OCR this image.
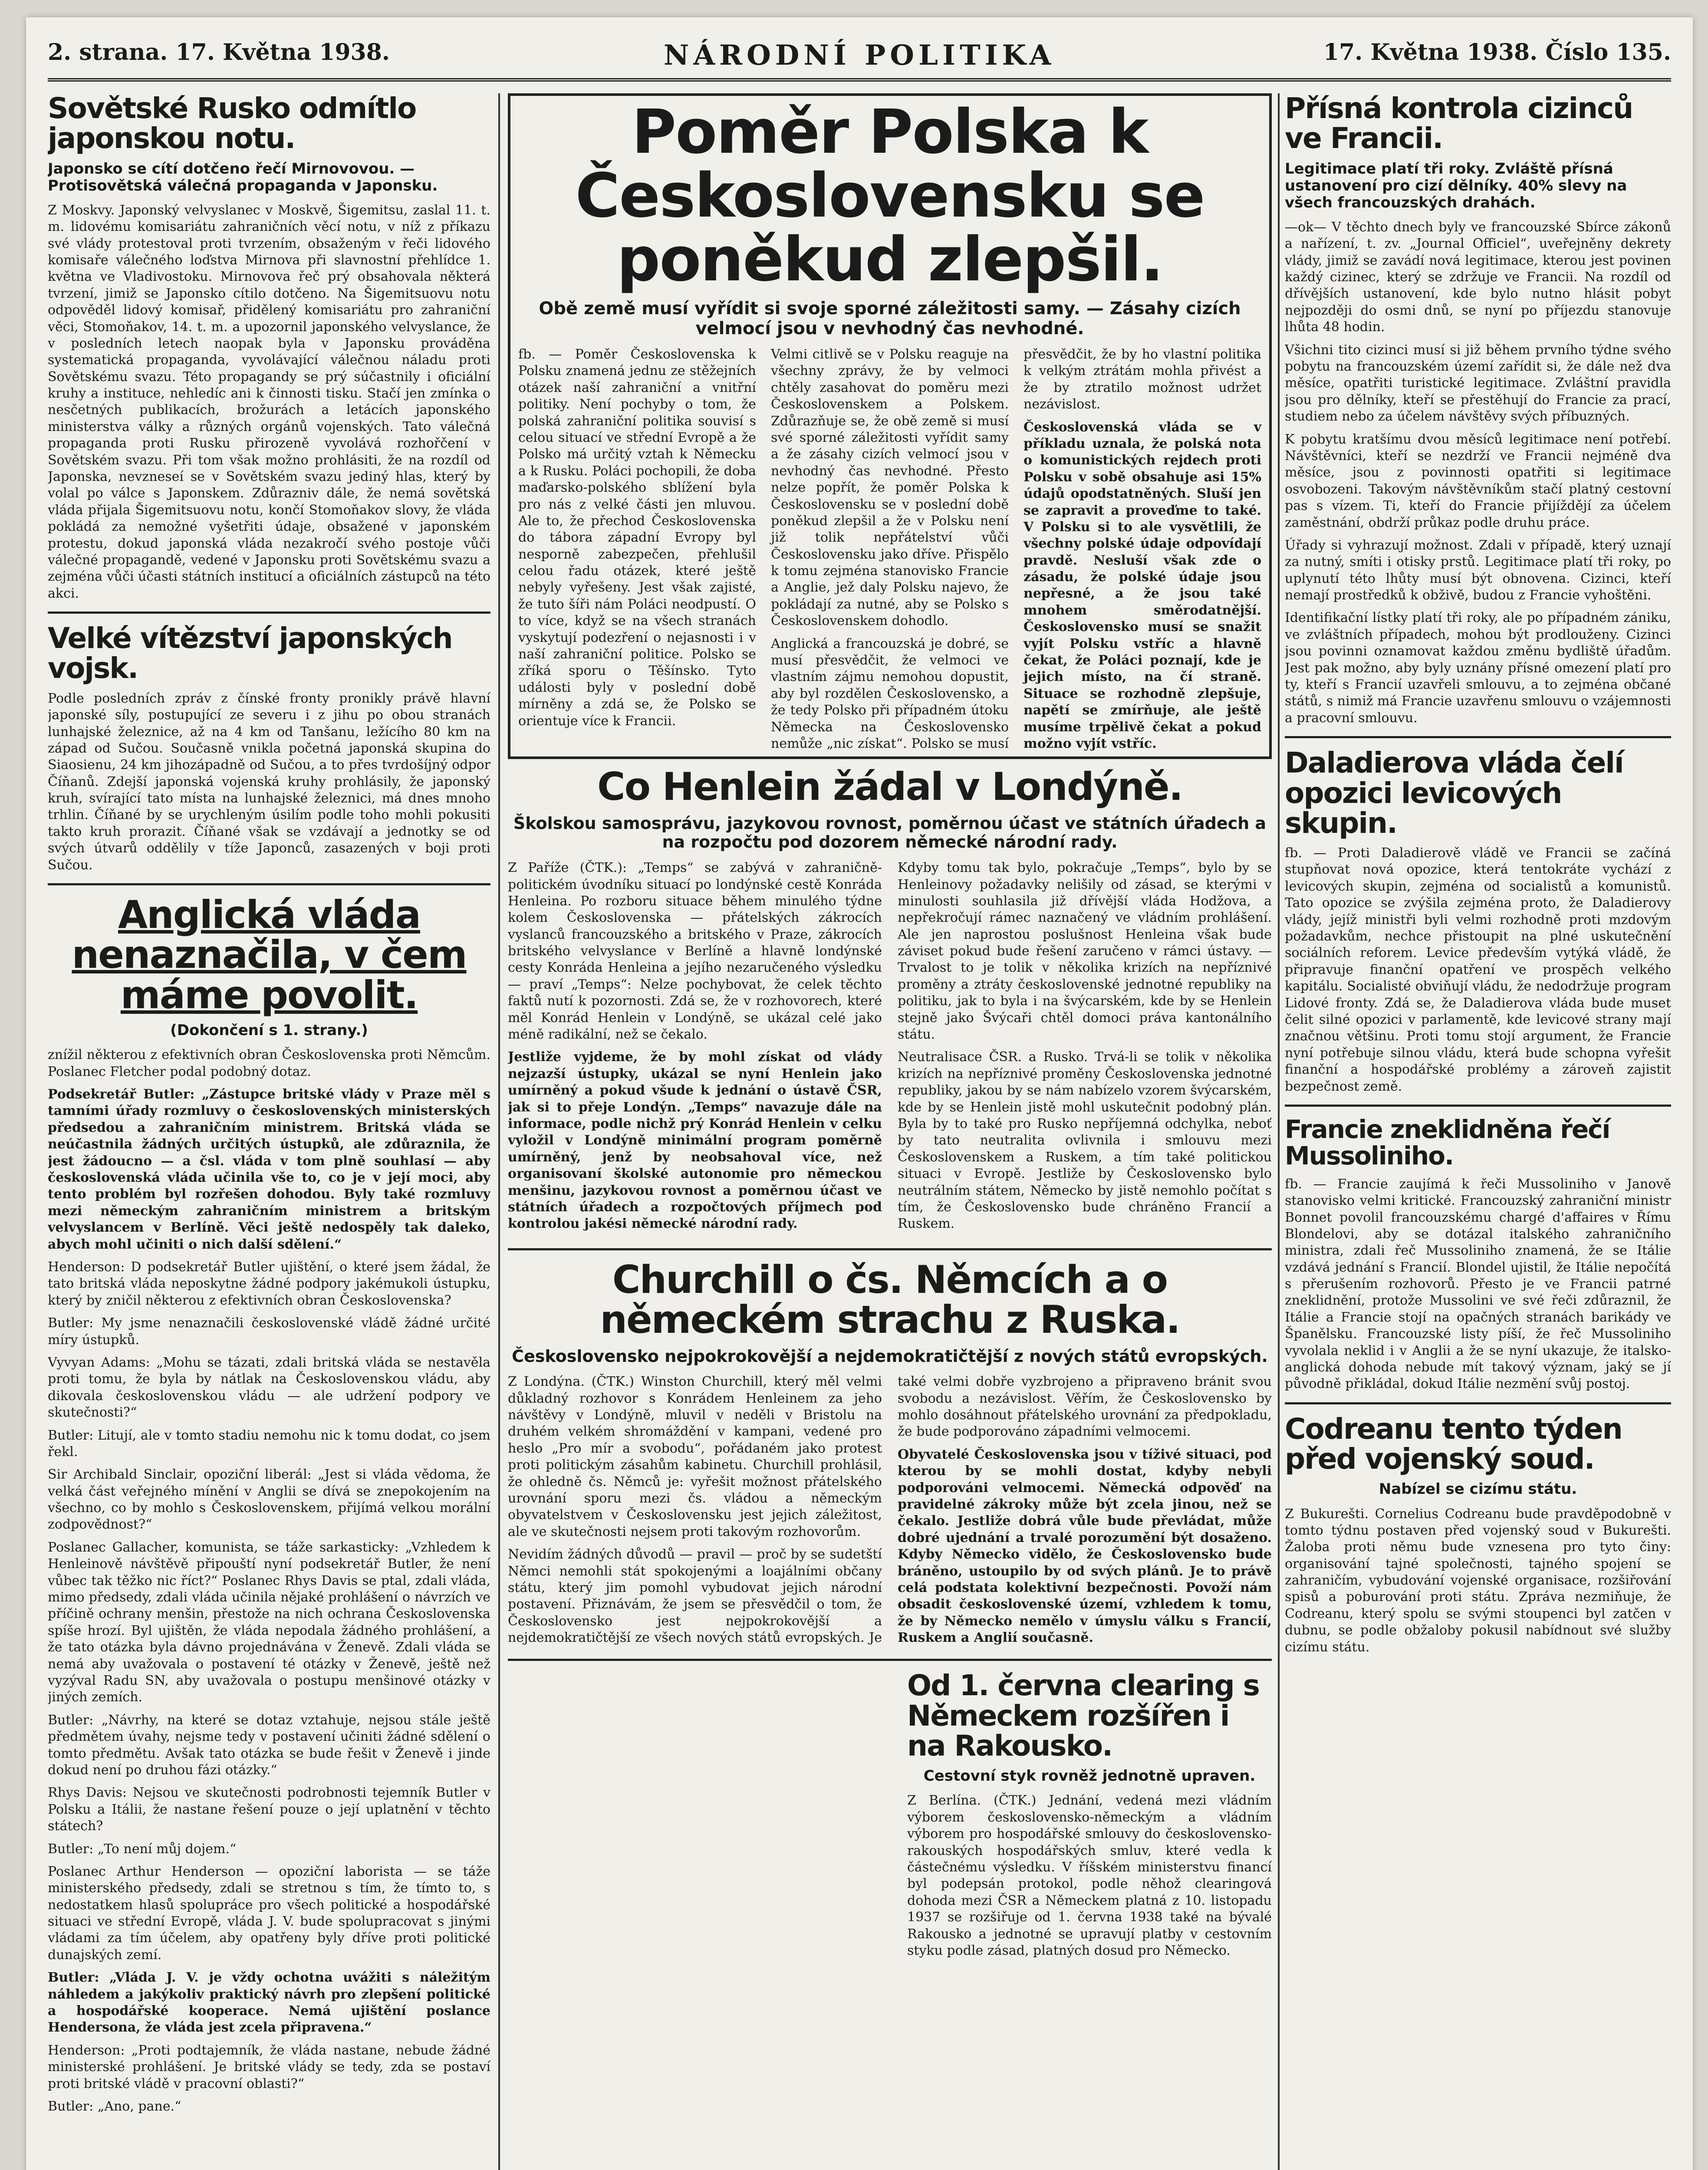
2. strana. 17. Května 1938.	NÁRODNÍ POLITIKA	17. Května 1938. Číslo 135.
Sovětské Rusko odmítlo japonskou notu.

Japonsko se cítí dotčeno řečí Mirnovovou. — Protisovětská válečná propaganda v Japonsku.

Z Moskvy. Japonský velvyslanec v Moskvě, Šigemitsu, zaslal 11. t. m. lidovému komisariátu zahraničních věcí notu, v níž z příkazu své vlády protestoval proti tvrzením, obsaženým v řeči lidového komisaře válečného loďstva Mirnova při slavnostní přehlídce 1. května ve Vladivostoku. Mirnovova řeč prý obsahovala některá tvrzení, jimiž se Japonsko cítilo dotčeno. Na Šigemitsuovu notu odpověděl lidový komisař, přidělený komisariátu pro zahraniční věci, Stomoňakov, 14. t. m. a upozornil japonského velvyslance, že v posledních letech naopak byla v Japonsku prováděna systematická propaganda, vyvolávající válečnou náladu proti Sovětskému svazu. Této propagandy se prý súčastnily i oficiální kruhy a instituce, nehledíc ani k činnosti tisku. Stačí jen zmínka o nesčetných publikacích, brožurách a letácích japonského ministerstva války a různých orgánů vojenských. Tato válečná propaganda proti Rusku přirozeně vyvolává rozhořčení v Sovětském svazu. Při tom však možno prohlásiti, že na rozdíl od Japonska, nevzneseí se v Sovětském svazu jediný hlas, který by volal po válce s Japonskem. Zdůrazniv dále, že nemá sovětská vláda přijala Šigemitsuovu notu, končí Stomoňakov slovy, že vláda pokládá za nemožné vyšetřiti údaje, obsažené v japonském protestu, dokud japonská vláda nezakročí svého postoje vůči válečné propagandě, vedené v Japonsku proti Sovětskému svazu a zejména vůči účasti státních institucí a oficiálních zástupců na této akci.

Velké vítězství japonských vojsk.

Podle posledních zpráv z čínské fronty pronikly právě hlavní japonské síly, postupující ze severu i z jihu po obou stranách lunhajské železnice, až na 4 km od Tanšanu, ležícího 80 km na západ od Sučou. Současně vnikla početná japonská skupina do Siaosienu, 24 km jihozápadně od Sučou, a to přes tvrdošíjný odpor Číňanů. Zdejší japonská vojenská kruhy prohlásily, že japonský kruh, svírající tato místa na lunhajské železnici, má dnes mnoho trhlin. Číňané by se urychleným úsilím podle toho mohli pokusiti takto kruh prorazit. Číňané však se vzdávají a jednotky se od svých útvarů oddělily v tíže Japonců, zasazených v boji proti Sučou.

Anglická vláda nenaznačila, v čem máme povolit.

(Dokončení s 1. strany.)

znížil některou z efektivních obran Československa proti Němcům. Poslanec Fletcher podal podobný dotaz.

Podsekretář Butler: „Zástupce britské vlády v Praze měl s tamními úřady rozmluvy o československých ministerských předsedou a zahraničním ministrem. Britská vláda se neúčastnila žádných určitých ústupků, ale zdůraznila, že jest žádoucno — a čsl. vláda v tom plně souhlasí — aby československá vláda učinila vše to, co je v její moci, aby tento problém byl rozřešen dohodou. Byly také rozmluvy mezi německým zahraničním ministrem a britským velvyslancem v Berlíně. Věci ještě nedospěly tak daleko, abych mohl učiniti o nich další sdělení.“

Henderson: D podsekretář Butler ujištění, o které jsem žádal, že tato britská vláda neposkytne žádné podpory jakémukoli ústupku, který by zničil některou z efektivních obran Československa?

Butler: My jsme nenaznačili československé vládě žádné určité míry ústupků.

Vyvyan Adams: „Mohu se tázati, zdali britská vláda se nestavěla proti tomu, že byla by nátlak na Československou vládu, aby dikovala československou vládu — ale udržení podpory ve skutečnosti?“

Butler: Litují, ale v tomto stadiu nemohu nic k tomu dodat, co jsem řekl.

Sir Archibald Sinclair, opoziční liberál: „Jest si vláda vědoma, že velká část veřejného mínění v Anglii se dívá se znepokojením na všechno, co by mohlo s Československem, přijímá velkou morální zodpovědnost?“

Poslanec Gallacher, komunista, se táže sarkasticky: „Vzhledem k Henleinově návštěvě připouští nyní podsekretář Butler, že není vůbec tak těžko nic říct?“ Poslanec Rhys Davis se ptal, zdali vláda, mimo předsedy, zdali vláda učinila nějaké prohlášení o návrzích ve příčině ochrany menšin, přestože na nich ochrana Československa spíše hrozí. Byl ujištěn, že vláda nepodala žádného prohlášení, a že tato otázka byla dávno projednávána v Ženevě. Zdali vláda se nemá aby uvažovala o postavení té otázky v Ženevě, ještě než vyzýval Radu SN, aby uvažovala o postupu menšinové otázky v jiných zemích.

Butler: „Návrhy, na které se dotaz vztahuje, nejsou stále ještě předmětem úvahy, nejsme tedy v postavení učiniti žádné sdělení o tomto předmětu. Avšak tato otázka se bude řešit v Ženevě i jinde dokud není po druhou fázi otázky.“

Rhys Davis: Nejsou ve skutečnosti podrobnosti tejemník Butler v Polsku a Itálii, že nastane řešení pouze o její uplatnění v těchto státech?

Butler: „To není můj dojem.“

Poslanec Arthur Henderson — opoziční laborista — se táže ministerského předsedy, zdali se stretnou s tím, že tímto to, s nedostatkem hlasů spolupráce pro všech politické a hospodářské situaci ve střední Evropě, vláda J. V. bude spolupracovat s jinými vládami za tím účelem, aby opatřeny byly dříve proti politické dunajských zemí.

Butler: „Vláda J. V. je vždy ochotna uvážiti s náležitým náhledem a jakýkoliv praktický návrh pro zlepšení politické a hospodářské kooperace. Nemá ujištění poslance Hendersona, že vláda jest zcela připravena.“

Henderson: „Proti podtajemník, že vláda nastane, nebude žádné ministerské prohlášení. Je britské vlády se tedy, zda se postaví proti britské vládě v pracovní oblasti?“

Butler: „Ano, pane.“

Poměr Polska k Československu se poněkud zlepšil.

Obě země musí vyřídit si svoje sporné záležitosti samy. — Zásahy cizích velmocí jsou v nevhodný čas nevhodné.

fb. — Poměr Československa k Polsku znamená jednu ze stěžejních otázek naší zahraniční a vnitřní politiky. Není pochyby o tom, že polská zahraniční politika souvisí s celou situací ve střední Evropě a že Polsko má určitý vztah k Německu a k Rusku. Poláci pochopili, že doba maďarsko-polského sblížení byla pro nás z velké části jen mluvou. Ale to, že přechod Československa do tábora západní Evropy byl nesporně zabezpečen, přehlušil celou řadu otázek, které ještě nebyly vyřešeny. Jest však zajisté, že tuto šíři nám Poláci neodpustí. O to více, když se na všech stranách vyskytují podezření o nejasnosti i v naší zahraniční politice. Polsko se zříká sporu o Těšínsko. Tyto události byly v poslední době mírněny a zdá se, že Polsko se orientuje více k Francii.

Velmi citlivě se v Polsku reaguje na všechny zprávy, že by velmoci chtěly zasahovat do poměru mezi Československem a Polskem. Zdůrazňuje se, že obě země si musí své sporné záležitosti vyřídit samy a že zásahy cizích velmocí jsou v nevhodný čas nevhodné. Přesto nelze popřít, že poměr Polska k Československu se v poslední době poněkud zlepšil a že v Polsku není již tolik nepřátelství vůči Československu jako dříve. Přispělo k tomu zejména stanovisko Francie a Anglie, jež daly Polsku najevo, že pokládají za nutné, aby se Polsko s Československem dohodlo.

Anglická a francouzská je dobré, se musí přesvědčit, že velmoci ve vlastním zájmu nemohou dopustit, aby byl rozdělen Československo, a že tedy Polsko při případném útoku Německa na Československo nemůže „nic získat“. Polsko se musí přesvědčit, že by ho vlastní politika k velkým ztrátám mohla přivést a že by ztratilo možnost udržet nezávislost.

Československá vláda se v příkladu uznala, že polská nota o komunistických rejdech proti Polsku v sobě obsahuje asi 15% údajů opodstatněných. Sluší jen se zapravit a proveďme to také. V Polsku si to ale vysvětlili, že všechny polské údaje odpovídají pravdě. Nesluší však zde o zásadu, že polské údaje jsou nepřesné, a že jsou také mnohem směrodatnější. Československo musí se snažit vyjít Polsku vstříc a hlavně čekat, že Poláci poznají, kde je jejich místo, na čí straně. Situace se rozhodně zlepšuje, napětí se zmírňuje, ale ještě musíme trpělivě čekat a pokud možno vyjít vstříc.

Co Henlein žádal v Londýně.

Školskou samosprávu, jazykovou rovnost, poměrnou účast ve státních úřadech a na rozpočtu pod dozorem německé národní rady.

Z Paříže (ČTK.): „Temps“ se zabývá v zahraničně-politickém úvodníku situací po londýnské cestě Konráda Henleina. Po rozboru situace během minulého týdne kolem Československa — přátelských zákrocích vyslanců francouzského a britského v Praze, zákrocích britského velvyslance v Berlíně a hlavně londýnské cesty Konráda Henleina a jejího nezaručeného výsledku — praví „Temps“: Nelze pochybovat, že celek těchto faktů nutí k pozornosti. Zdá se, že v rozhovorech, které měl Konrád Henlein v Londýně, se ukázal celé jako méně radikální, než se čekalo.

Jestliže vyjdeme, že by mohl získat od vlády nejzazší ústupky, ukázal se nyní Henlein jako umírněný a pokud všude k jednání o ústavě ČSR, jak si to přeje Londýn. „Temps“ navazuje dále na informace, podle nichž prý Konrád Henlein v celku vyložil v Londýně minimální program poměrně umírněný, jenž by neobsahoval více, než organisovaní školské autonomie pro německou menšinu, jazykovou rovnost a poměrnou účast ve státních úřadech a rozpočtových příjmech pod kontrolou jakési německé národní rady.

Kdyby tomu tak bylo, pokračuje „Temps“, bylo by se Henleinovy požadavky nelišily od zásad, se kterými v minulosti souhlasila již dřívější vláda Hodžova, a nepřekročují rámec naznačený ve vládním prohlášení. Ale jen naprostou poslušnost Henleina však bude záviset pokud bude řešení zaručeno v rámci ústavy. — Trvalost to je tolik v několika krizích na nepříznivé proměny a ztráty československé jednotné republiky na politiku, jak to byla i na švýcarském, kde by se Henlein stejně jako Švýcaři chtěl domoci práva kantonálního státu.

Neutralisace ČSR. a Rusko. Trvá-li se tolik v několika krizích na nepříznivé proměny Československa jednotné republiky, jakou by se nám nabízelo vzorem švýcarském, kde by se Henlein jistě mohl uskutečnit podobný plán. Byla by to také pro Rusko nepříjemná odchylka, neboť by tato neutralita ovlivnila i smlouvu mezi Československem a Ruskem, a tím také politickou situaci v Evropě. Jestliže by Československo bylo neutrálním státem, Německo by jistě nemohlo počítat s tím, že Československo bude chráněno Francií a Ruskem.

Churchill o čs. Němcích a o německém strachu z Ruska.

Československo nejpokrokovější a nejdemokratičtější z nových států evropských.

Z Londýna. (ČTK.) Winston Churchill, který měl velmi důkladný rozhovor s Konrádem Henleinem za jeho návštěvy v Londýně, mluvil v neděli v Bristolu na druhém velkém shromáždění v kampani, vedené pro heslo „Pro mír a svobodu“, pořádaném jako protest proti politickým zásahům kabinetu. Churchill prohlásil, že ohledně čs. Němců je: vyřešit možnost přátelského urovnání sporu mezi čs. vládou a německým obyvatelstvem v Československu jest jejich záležitost, ale ve skutečnosti nejsem proti takovým rozhovorům.

Nevidím žádných důvodů — pravil — proč by se sudetští Němci nemohli stát spokojenými a loajálními občany státu, který jim pomohl vybudovat jejich národní postavení. Přiznávám, že jsem se přesvědčil o tom, že Československo jest nejpokrokovější a nejdemokratičtější ze všech nových států evropských. Je také velmi dobře vyzbrojeno a připraveno bránit svou svobodu a nezávislost. Věřím, že Československo by mohlo dosáhnout přátelského urovnání za předpokladu, že bude podporováno západními velmocemi.

Obyvatelé Československa jsou v tíživé situaci, pod kterou by se mohli dostat, kdyby nebyli podporováni velmocemi. Německá odpověď na pravidelné zákroky může být zcela jinou, než se čekalo. Jestliže dobrá vůle bude převládat, může dobré ujednání a trvalé porozumění být dosaženo. Kdyby Německo vidělo, že Československo bude bráněno, ustoupilo by od svých plánů. Je to právě celá podstata kolektivní bezpečnosti. Povoží nám obsadit československé území, vzhledem k tomu, že by Německo nemělo v úmyslu válku s Francií, Ruskem a Anglií současně.

Od 1. června clearing s Německem rozšířen i na Rakousko.

Cestovní styk rovněž jednotně upraven.

Z Berlína. (ČTK.) Jednání, vedená mezi vládním výborem československo-německým a vládním výborem pro hospodářské smlouvy do československo-rakouských hospodářských smluv, které vedla k částečnému výsledku. V říšském ministerstvu financí byl podepsán protokol, podle něhož clearingová dohoda mezi ČSR a Německem platná z 10. listopadu 1937 se rozšiřuje od 1. června 1938 také na bývalé Rakousko a jednotné se upravují platby v cestovním styku podle zásad, platných dosud pro Německo.

Přísná kontrola cizinců ve Francii.

Legitimace platí tři roky. Zvláště přísná ustanovení pro cizí dělníky. 40% slevy na všech francouzských drahách.

—ok— V těchto dnech byly ve francouzské Sbírce zákonů a nařízení, t. zv. „Journal Officiel“, uveřejněny dekrety vlády, jimiž se zavádí nová legitimace, kterou jest povinen každý cizinec, který se zdržuje ve Francii. Na rozdíl od dřívějších ustanovení, kde bylo nutno hlásit pobyt nejpozději do osmi dnů, se nyní po příjezdu stanovuje lhůta 48 hodin.

Všichni tito cizinci musí si již během prvního týdne svého pobytu na francouzském území zařídit si, že dále než dva měsíce, opatřiti turistické legitimace. Zvláštní pravidla jsou pro dělníky, kteří se přestěhují do Francie za prací, studiem nebo za účelem návštěvy svých příbuzných.

K pobytu kratšímu dvou měsíců legitimace není potřebí. Návštěvníci, kteří se nezdrží ve Francii nejméně dva měsíce, jsou z povinnosti opatřiti si legitimace osvobozeni. Takovým návštěvníkům stačí platný cestovní pas s vízem. Ti, kteří do Francie přijíždějí za účelem zaměstnání, obdrží průkaz podle druhu práce.

Úřady si vyhrazují možnost. Zdali v případě, který uznají za nutný, smíti i otisky prstů. Legitimace platí tři roky, po uplynutí této lhůty musí být obnovena. Cizinci, kteří nemají prostředků k obživě, budou z Francie vyhoštěni.

Identifikační lístky platí tři roky, ale po případném zániku, ve zvláštních případech, mohou být prodlouženy. Cizinci jsou povinni oznamovat každou změnu bydliště úřadům. Jest pak možno, aby byly uznány přísné omezení platí pro ty, kteří s Francií uzavřeli smlouvu, a to zejména občané států, s nimiž má Francie uzavřenu smlouvu o vzájemnosti a pracovní smlouvu.

Daladierova vláda čelí opozici levicových skupin.

fb. — Proti Daladierově vládě ve Francii se začíná stupňovat nová opozice, která tentokráte vychází z levicových skupin, zejména od socialistů a komunistů. Tato opozice se zvýšila zejména proto, že Daladierovy vlády, jejíž ministři byli velmi rozhodně proti mzdovým požadavkům, nechce přistoupit na plné uskutečnění sociálních reforem. Levice především vytýká vládě, že připravuje finanční opatření ve prospěch velkého kapitálu. Socialisté obviňují vládu, že nedodržuje program Lidové fronty. Zdá se, že Daladierova vláda bude muset čelit silné opozici v parlamentě, kde levicové strany mají značnou většinu. Proti tomu stojí argument, že Francie nyní potřebuje silnou vládu, která bude schopna vyřešit finanční a hospodářské problémy a zároveň zajistit bezpečnost země.

Francie zneklidněna řečí Mussoliniho.

fb. — Francie zaujímá k řeči Mussoliniho v Janově stanovisko velmi kritické. Francouzský zahraniční ministr Bonnet povolil francouzskému chargé d'affaires v Římu Blondelovi, aby se dotázal italského zahraničního ministra, zdali řeč Mussoliniho znamená, že se Itálie vzdává jednání s Francií. Blondel ujistil, že Itálie nepočítá s přerušením rozhovorů. Přesto je ve Francii patrné zneklidnění, protože Mussolini ve své řeči zdůraznil, že Itálie a Francie stojí na opačných stranách barikády ve Španělsku. Francouzské listy píší, že řeč Mussoliniho vyvolala neklid i v Anglii a že se nyní ukazuje, že italsko-anglická dohoda nebude mít takový význam, jaký se jí původně přikládal, dokud Itálie nezmění svůj postoj.

Codreanu tento týden před vojenský soud.

Nabízel se cizímu státu.

Z Bukurešti. Cornelius Codreanu bude pravděpodobně v tomto týdnu postaven před vojenský soud v Bukurešti. Žaloba proti němu bude vznesena pro tyto činy: organisování tajné společnosti, tajného spojení se zahraničím, vybudování vojenské organisace, rozšiřování spisů a poburování proti státu. Zpráva nezmiňuje, že Codreanu, který spolu se svými stoupenci byl zatčen v dubnu, se podle obžaloby pokusil nabídnout své služby cizímu státu.
